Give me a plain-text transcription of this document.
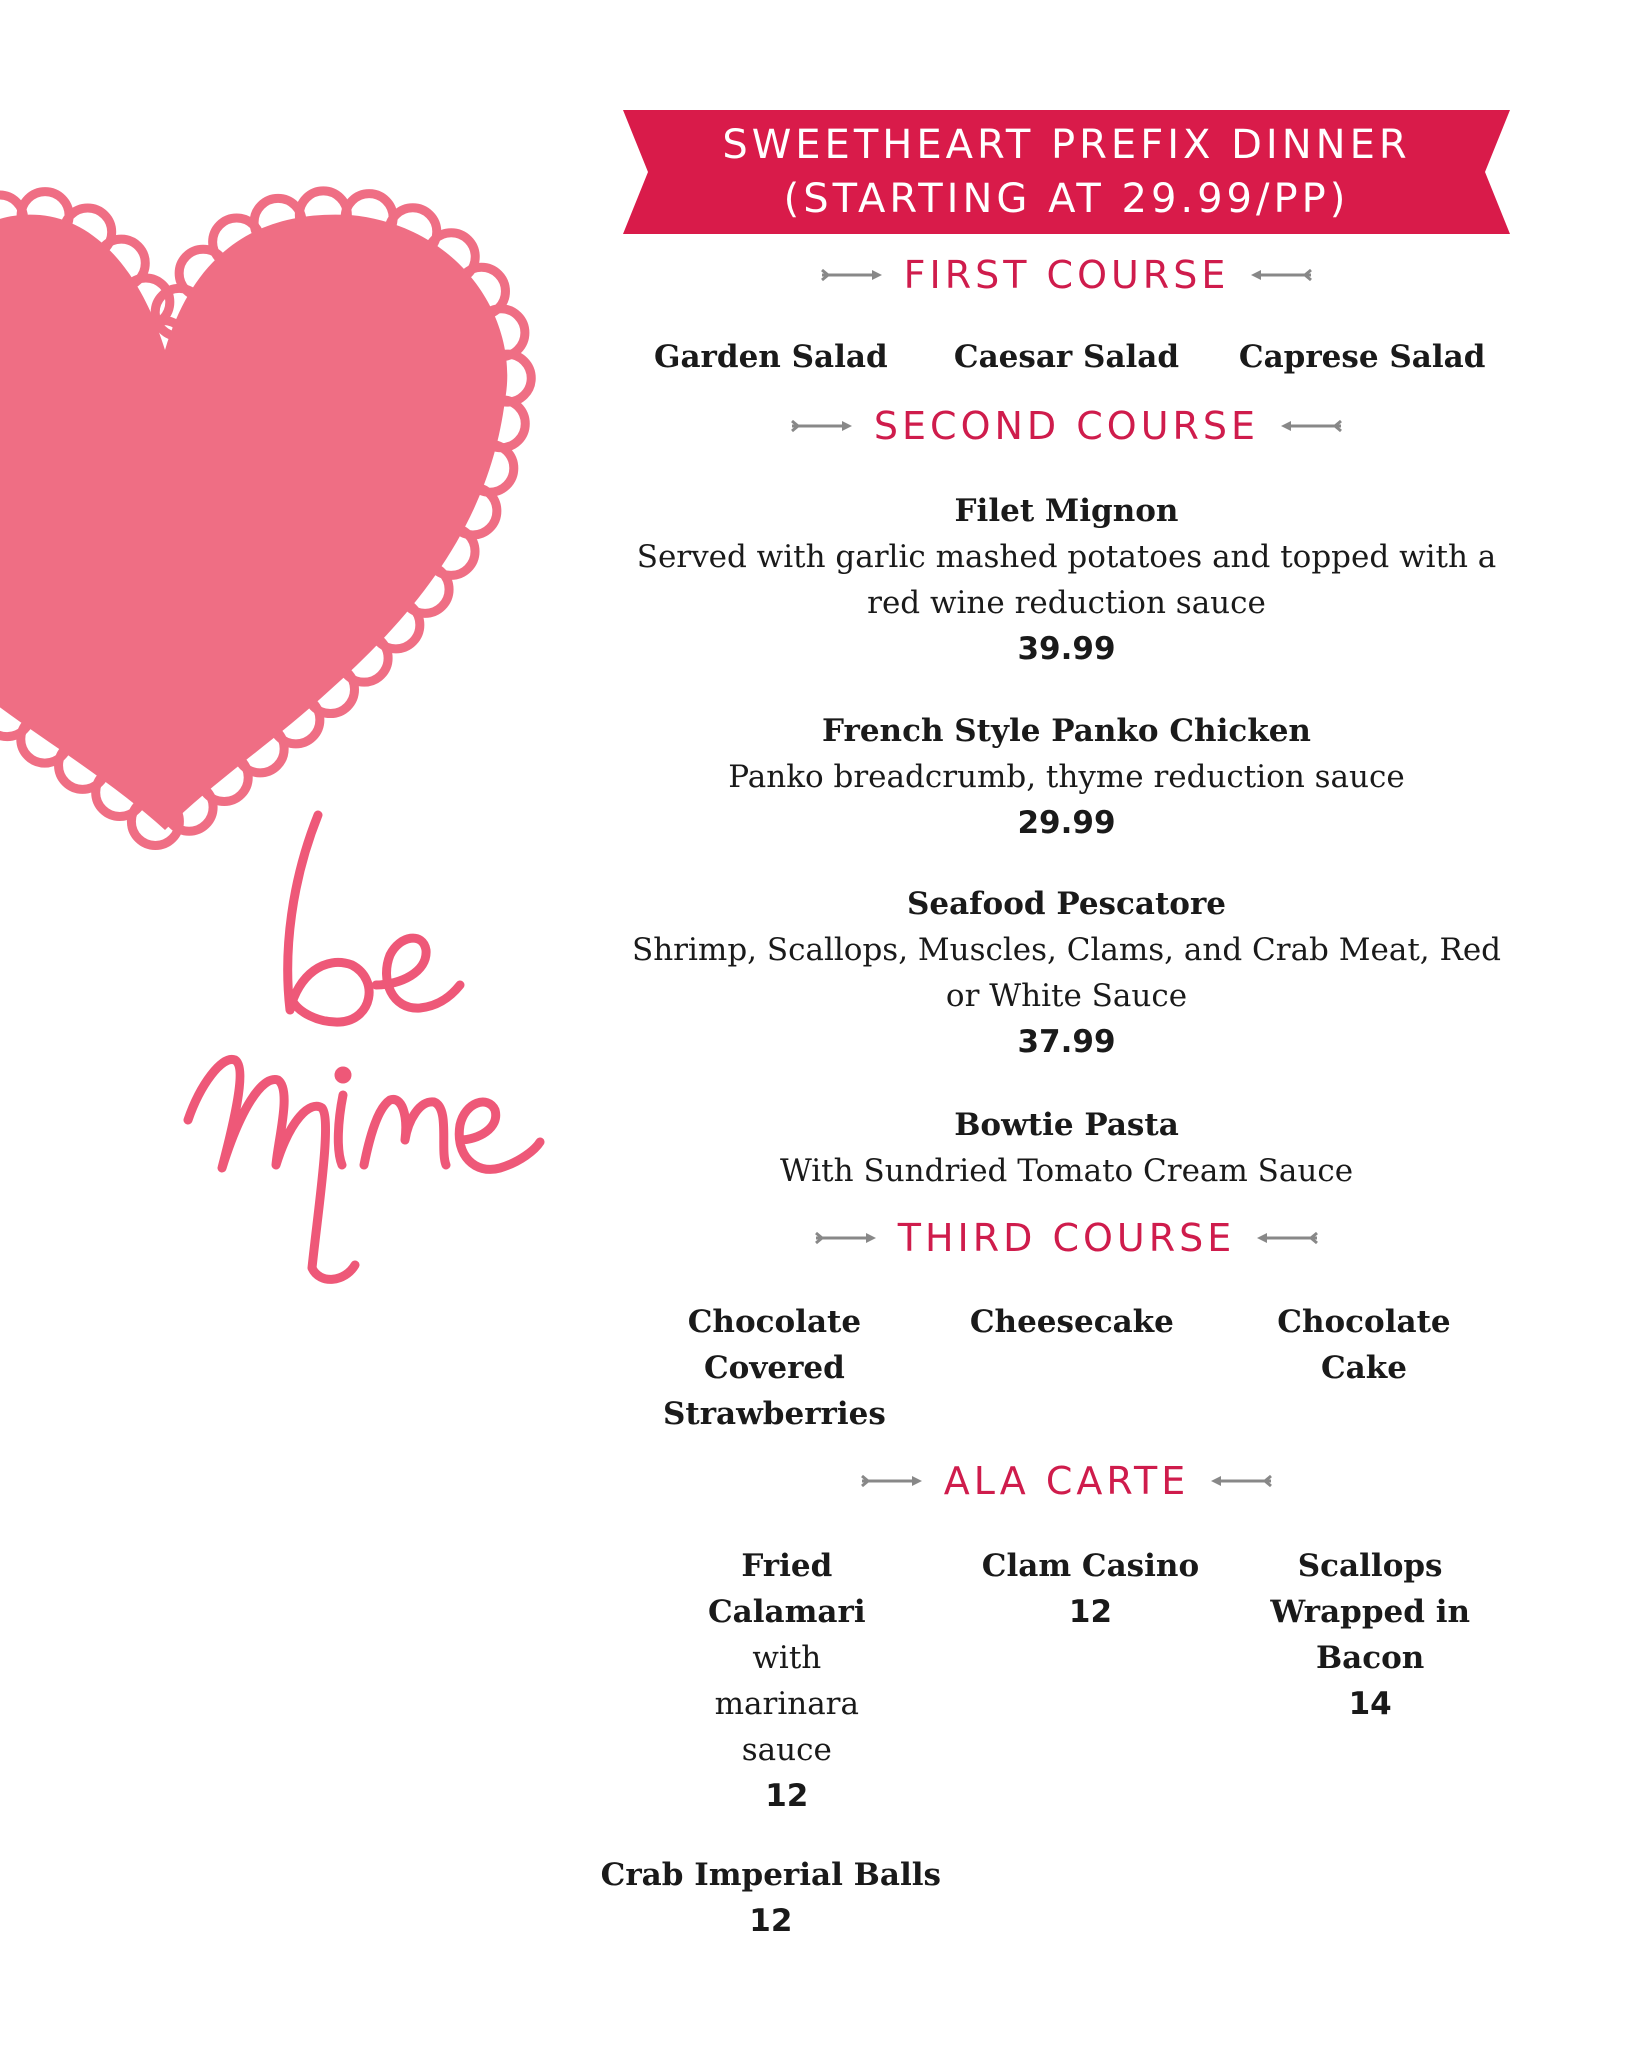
SWEETHEART PREFIX DINNER
(STARTING AT 29.99/PP)
FIRST COURSE
Garden Salad	Caesar Salad	Caprese Salad
SECOND COURSE
Filet Mignon
Served with garlic mashed potatoes and topped with a red wine reduction sauce
39.99
French Style Panko Chicken
Panko breadcrumb, thyme reduction sauce
29.99
Seafood Pescatore
Shrimp, Scallops, Muscles, Clams, and Crab Meat, Red or White Sauce
37.99
Bowtie Pasta
With Sundried Tomato Cream Sauce
THIRD COURSE
Chocolate Covered Strawberries
Cheesecake	Chocolate Cake
ALA CARTE
Fried Calamari
with marinara sauce
12
Clam Casino
12
Scallops Wrapped in Bacon
14
Crab Imperial Balls
12
